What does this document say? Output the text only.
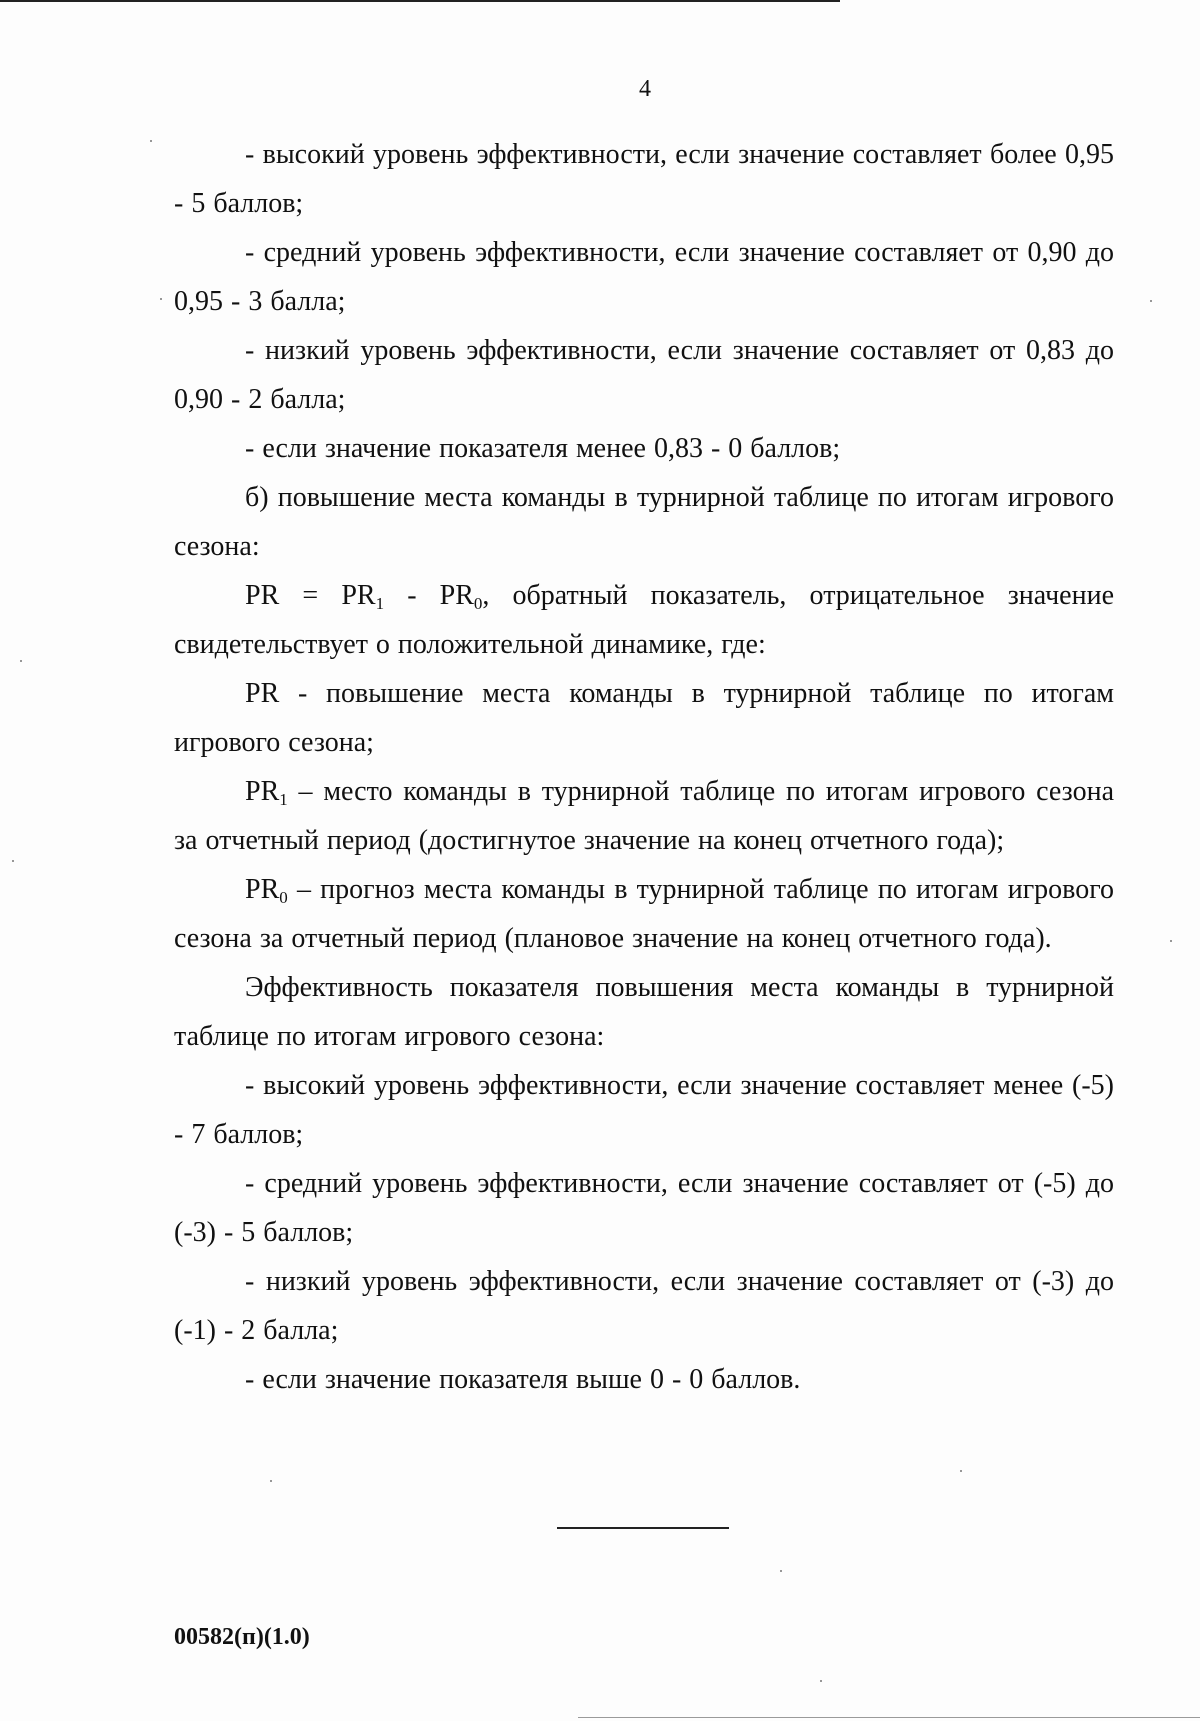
4

- высокий уровень эффективности, если значение составляет более 0,95 - 5 баллов;

- средний уровень эффективности, если значение составляет от 0,90 до 0,95 - 3 балла;

- низкий уровень эффективности, если значение составляет от 0,83 до 0,90 - 2 балла;

- если значение показателя менее 0,83 - 0 баллов;

б) повышение места команды в турнирной таблице по итогам игрового сезона:

PR = $PR_1 - PR_0$, обратный показатель, отрицательное значение свидетельствует о положительной динамике, где:

PR - повышение места команды в турнирной таблице по итогам игрового сезона;

$PR_1$ – место команды в турнирной таблице по итогам игрового сезона за отчетный период (достигнутое значение на конец отчетного года);

$PR_0$ – прогноз места команды в турнирной таблице по итогам игрового сезона за отчетный период (плановое значение на конец отчетного года).

Эффективность показателя повышения места команды в турнирной таблице по итогам игрового сезона:

- высокий уровень эффективности, если значение составляет менее (-5) - 7 баллов;

- средний уровень эффективности, если значение составляет от (-5) до (-3) - 5 баллов;

- низкий уровень эффективности, если значение составляет от (-3) до (-1) - 2 балла;

- если значение показателя выше 0 - 0 баллов.

00582(п)(1.0)
